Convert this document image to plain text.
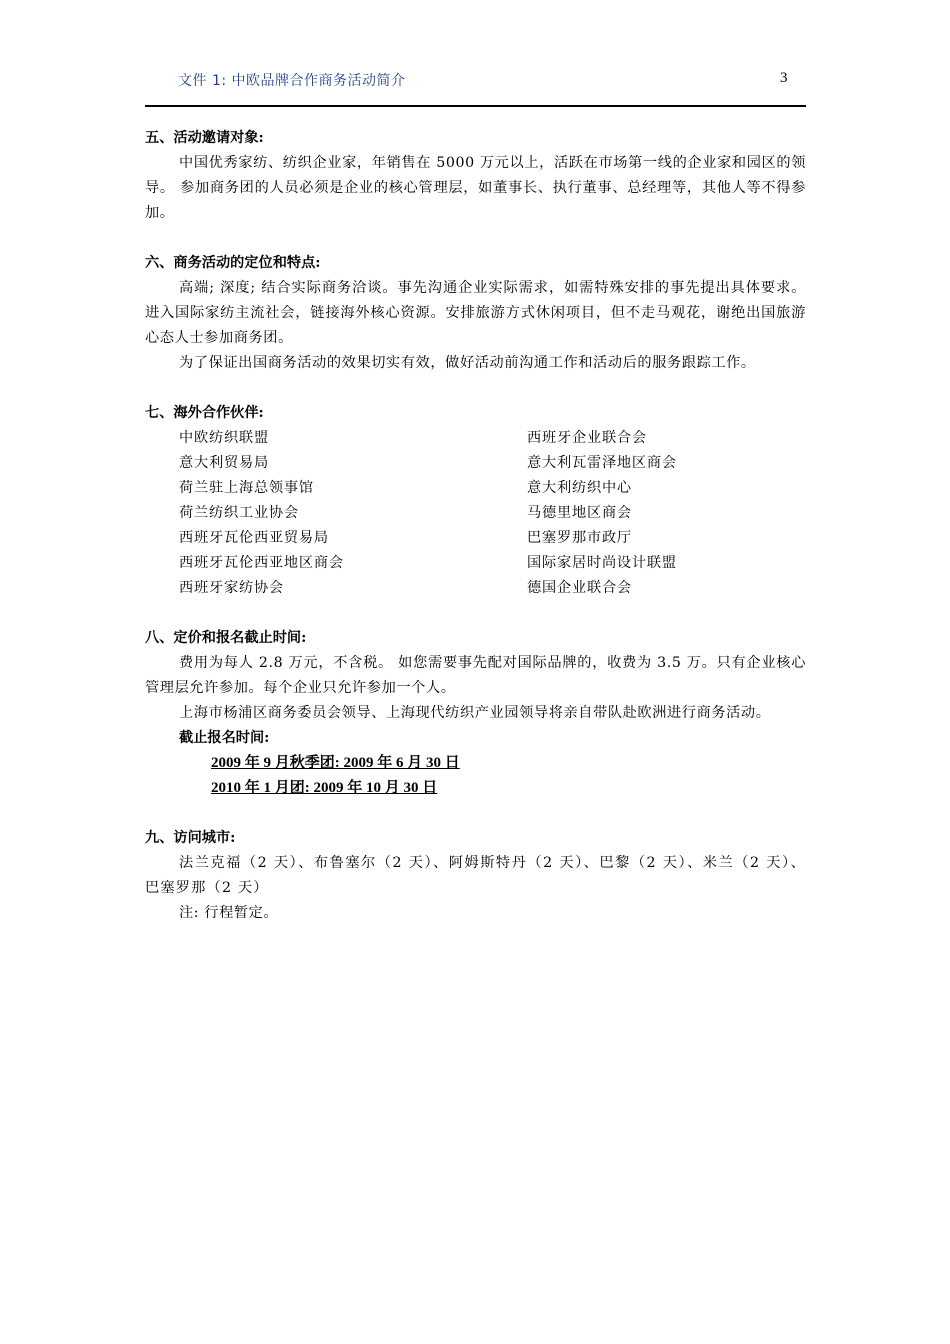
文件 1: 中欧品牌合作商务活动简介	3

五、活动邀请对象:

中国优秀家纺、纺织企业家，年销售在 5000 万元以上，活跃在市场第一线的企业家和园区的领导。 参加商务团的人员必须是企业的核心管理层，如董事长、执行董事、总经理等，其他人等不得参加。

六、商务活动的定位和特点:

高端; 深度; 结合实际商务洽谈。事先沟通企业实际需求，如需特殊安排的事先提出具体要求。进入国际家纺主流社会，链接海外核心资源。安排旅游方式休闲项目，但不走马观花，谢绝出国旅游心态人士参加商务团。

为了保证出国商务活动的效果切实有效，做好活动前沟通工作和活动后的服务跟踪工作。

七、海外合作伙伴:

中欧纺织联盟	西班牙企业联合会
意大利贸易局	意大利瓦雷泽地区商会
荷兰驻上海总领事馆	意大利纺织中心
荷兰纺织工业协会	马德里地区商会
西班牙瓦伦西亚贸易局	巴塞罗那市政厅
西班牙瓦伦西亚地区商会	国际家居时尚设计联盟
西班牙家纺协会	德国企业联合会

八、定价和报名截止时间:

费用为每人 2.8 万元，不含税。 如您需要事先配对国际品牌的，收费为 3.5 万。只有企业核心管理层允许参加。每个企业只允许参加一个人。

上海市杨浦区商务委员会领导、上海现代纺织产业园领导将亲自带队赴欧洲进行商务活动。

截止报名时间:

2009 年 9 月秋季团: 2009 年 6 月 30 日

2010 年 1 月团: 2009 年 10 月 30 日

九、访问城市:

法兰克福（2 天）、布鲁塞尔（2 天）、阿姆斯特丹（2 天）、巴黎（2 天）、米兰（2 天）、巴塞罗那（2 天）

注: 行程暂定。
